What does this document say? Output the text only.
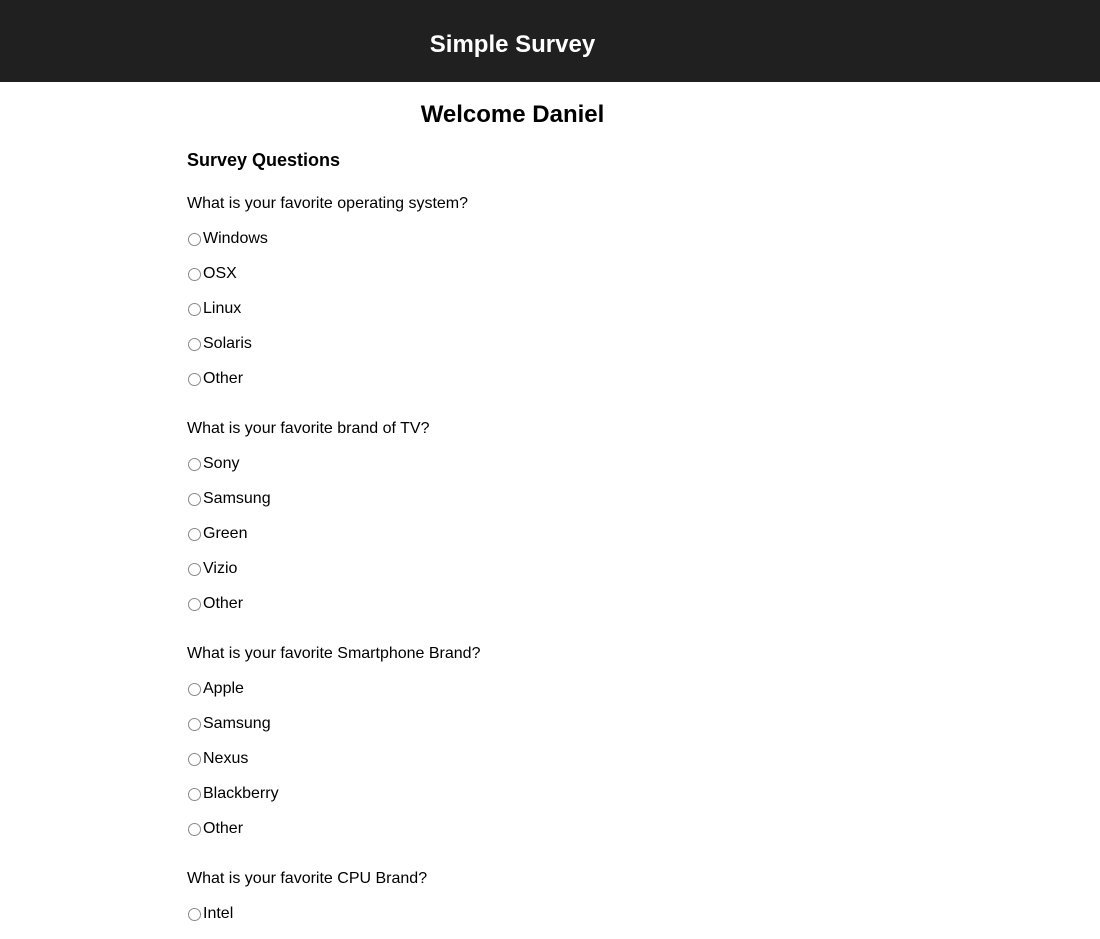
Simple Survey
Welcome Daniel
Survey Questions

What is your favorite operating system?

Windows
OSX
Linux
Solaris
Other

What is your favorite brand of TV?

Sony
Samsung
Green
Vizio
Other

What is your favorite Smartphone Brand?

Apple
Samsung
Nexus
Blackberry
Other

What is your favorite CPU Brand?

Intel
